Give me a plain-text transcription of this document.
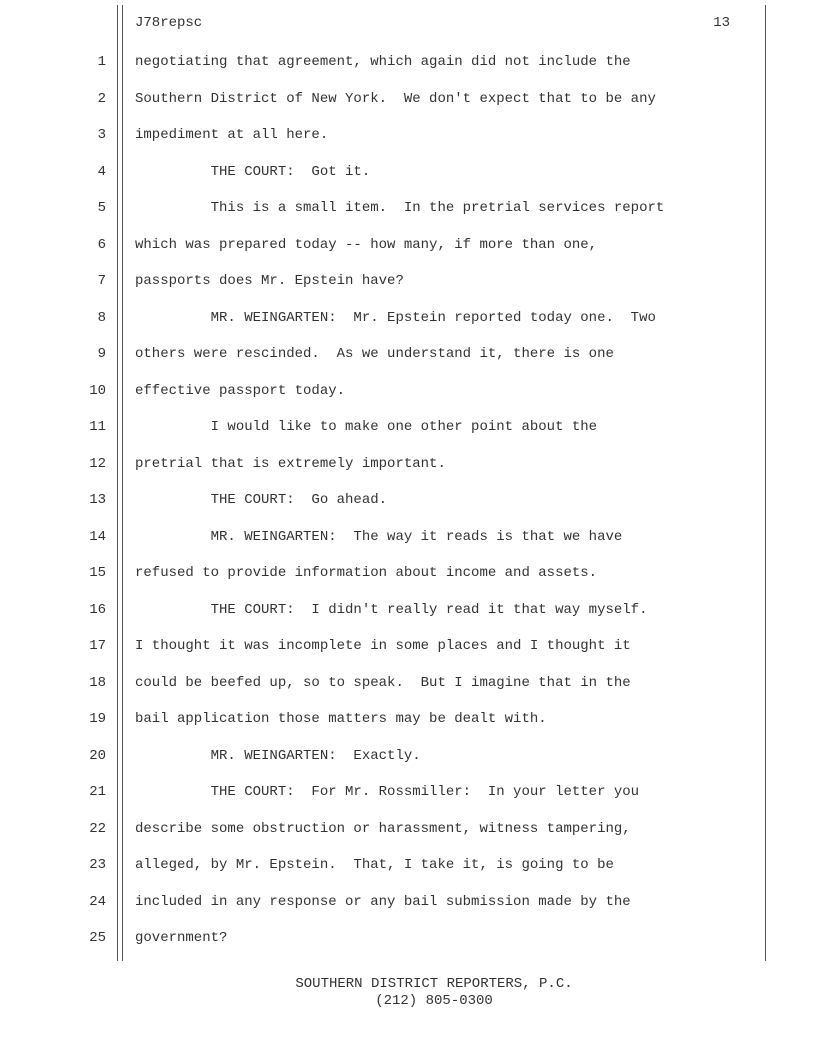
J78repsc	13
1 negotiating that agreement, which again did not include the
2 Southern District of New York.  We don't expect that to be any
3 impediment at all here.
4 THE COURT:  Got it.
5 This is a small item.  In the pretrial services report
6 which was prepared today -- how many, if more than one,
7 passports does Mr. Epstein have?
8 MR. WEINGARTEN:  Mr. Epstein reported today one.  Two
9 others were rescinded.  As we understand it, there is one
10 effective passport today.
11 I would like to make one other point about the
12 pretrial that is extremely important.
13 THE COURT:  Go ahead.
14 MR. WEINGARTEN:  The way it reads is that we have
15 refused to provide information about income and assets.
16 THE COURT:  I didn't really read it that way myself.
17 I thought it was incomplete in some places and I thought it
18 could be beefed up, so to speak.  But I imagine that in the
19 bail application those matters may be dealt with.
20 MR. WEINGARTEN:  Exactly.
21 THE COURT:  For Mr. Rossmiller:  In your letter you
22 describe some obstruction or harassment, witness tampering,
23 alleged, by Mr. Epstein.  That, I take it, is going to be
24 included in any response or any bail submission made by the
25 government?
SOUTHERN DISTRICT REPORTERS, P.C.
(212) 805-0300
